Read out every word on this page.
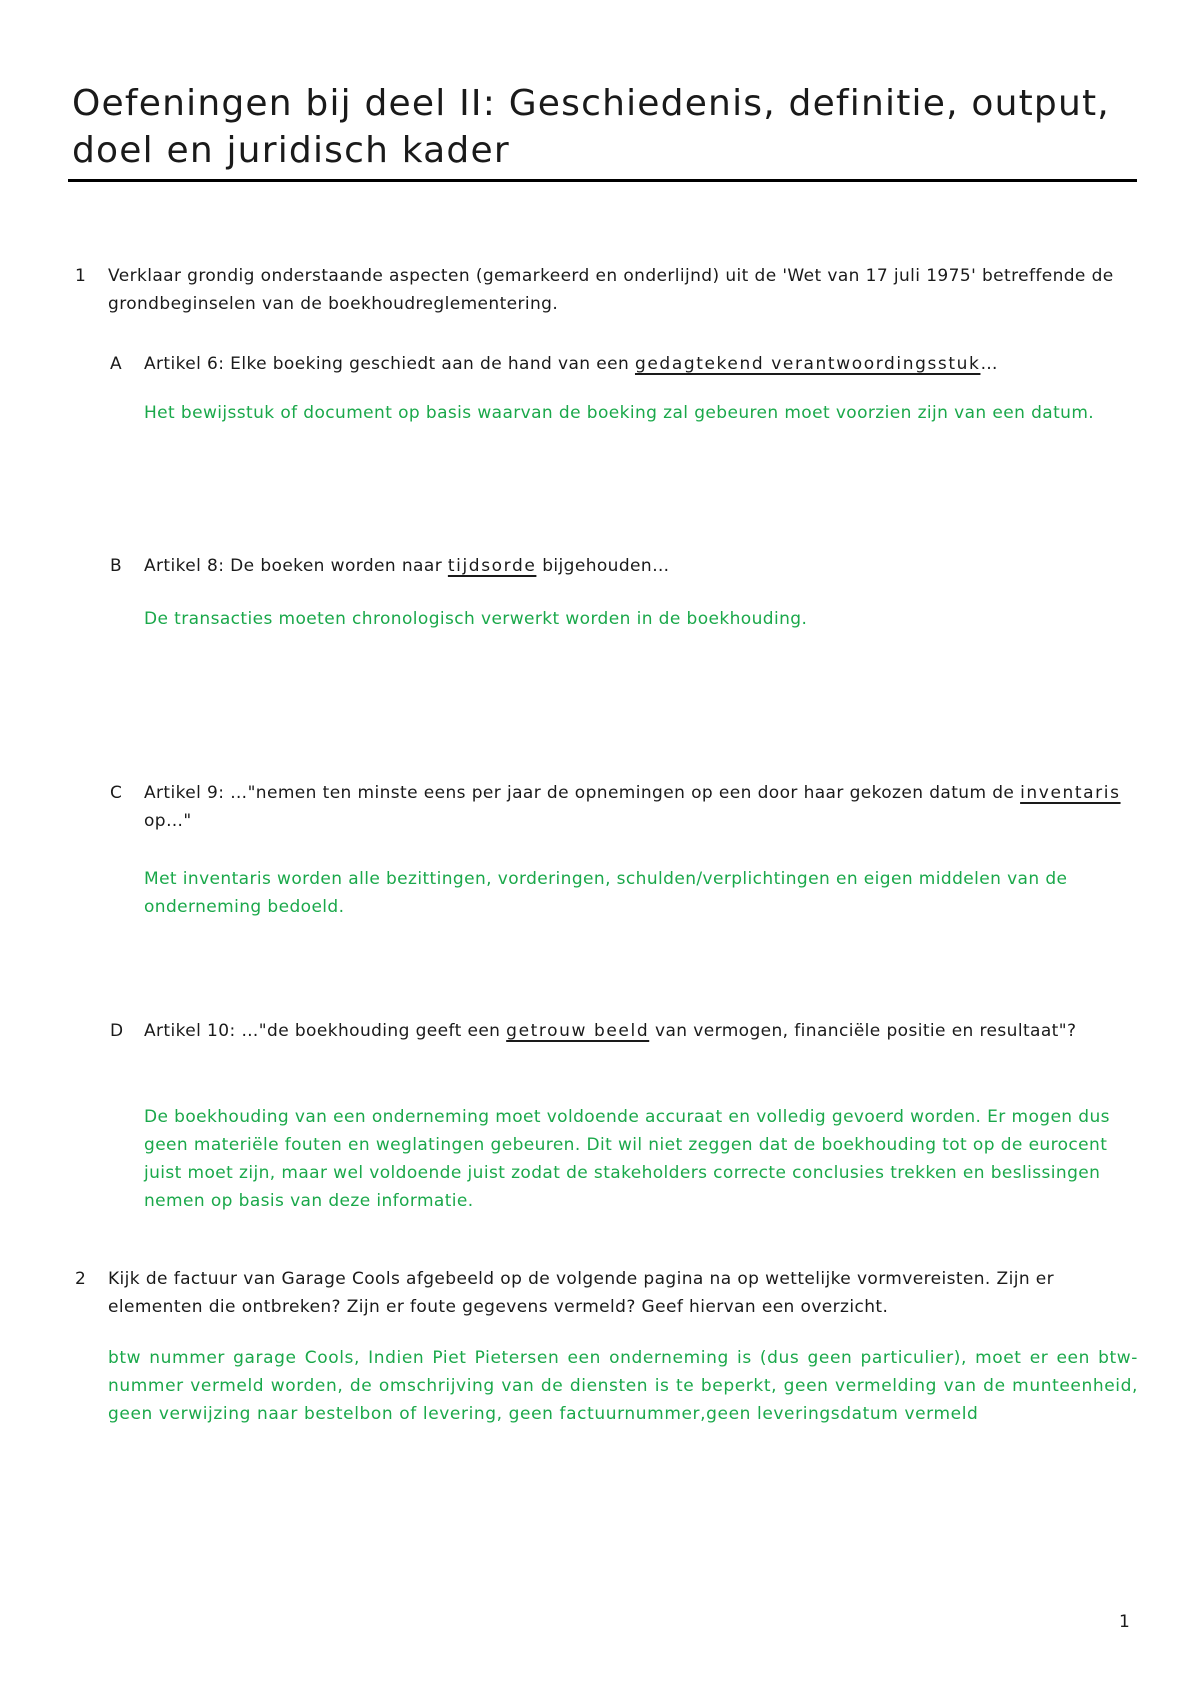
Oefeningen bij deel II: Geschiedenis, definitie, output, doel en juridisch kader
1 Verklaar grondig onderstaande aspecten (gemarkeerd en onderlijnd) uit de 'Wet van 17 juli 1975' betreffende de grondbeginselen van de boekhoudreglementering.
A Artikel 6: Elke boeking geschiedt aan de hand van een gedagtekend verantwoordingsstuk…
Het bewijsstuk of document op basis waarvan de boeking zal gebeuren moet voorzien zijn van een datum.
B Artikel 8: De boeken worden naar tijdsorde bijgehouden…
De transacties moeten chronologisch verwerkt worden in de boekhouding.
C Artikel 9: …"nemen ten minste eens per jaar de opnemingen op een door haar gekozen datum de inventaris op…"
Met inventaris worden alle bezittingen, vorderingen, schulden/verplichtingen en eigen middelen van de onderneming bedoeld.
D Artikel 10: …"de boekhouding geeft een getrouw beeld van vermogen, financiële positie en resultaat"?
De boekhouding van een onderneming moet voldoende accuraat en volledig gevoerd worden. Er mogen dus geen materiële fouten en weglatingen gebeuren. Dit wil niet zeggen dat de boekhouding tot op de eurocent juist moet zijn, maar wel voldoende juist zodat de stakeholders correcte conclusies trekken en beslissingen nemen op basis van deze informatie.
2 Kijk de factuur van Garage Cools afgebeeld op de volgende pagina na op wettelijke vormvereisten. Zijn er elementen die ontbreken? Zijn er foute gegevens vermeld? Geef hiervan een overzicht.
btw nummer garage Cools, Indien Piet Pietersen een onderneming is (dus geen particulier), moet er een btw-nummer vermeld worden, de omschrijving van de diensten is te beperkt, geen vermelding van de munteenheid, geen verwijzing naar bestelbon of levering, geen factuurnummer,geen leveringsdatum vermeld
1
